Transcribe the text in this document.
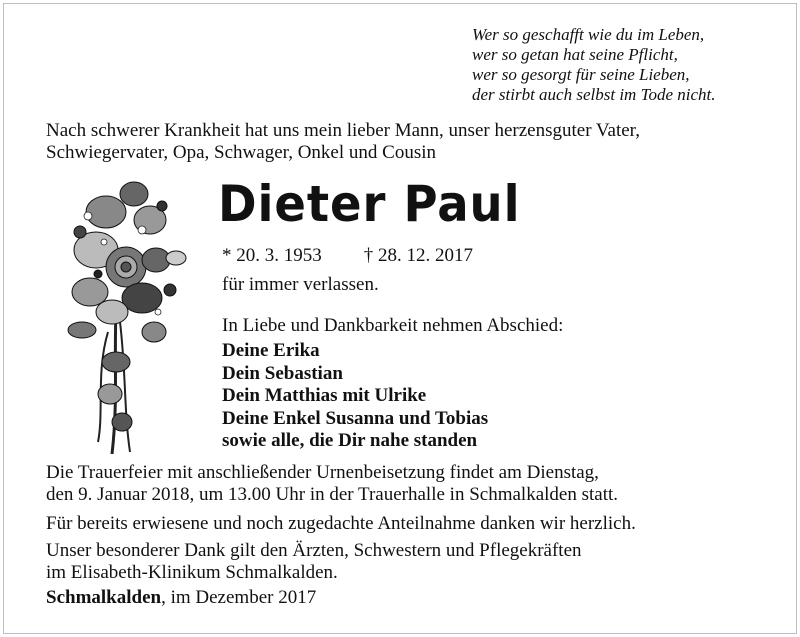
Wer so geschafft wie du im Leben,
wer so getan hat seine Pflicht,
wer so gesorgt für seine Lieben,
der stirbt auch selbst im Tode nicht.
Nach schwerer Krankheit hat uns mein lieber Mann, unser herzensguter Vater,
Schwiegervater, Opa, Schwager, Onkel und Cousin
Dieter Paul
* 20. 3. 1953 † 28. 12. 2017
für immer verlassen.
In Liebe und Dankbarkeit nehmen Abschied:
Deine Erika
Dein Sebastian
Dein Matthias mit Ulrike
Deine Enkel Susanna und Tobias
sowie alle, die Dir nahe standen
Die Trauerfeier mit anschließender Urnenbeisetzung findet am Dienstag,
den 9. Januar 2018, um 13.00 Uhr in der Trauerhalle in Schmalkalden statt.
Für bereits erwiesene und noch zugedachte Anteilnahme danken wir herzlich.
Unser besonderer Dank gilt den Ärzten, Schwestern und Pflegekräften
im Elisabeth-Klinikum Schmalkalden.
Schmalkalden, im Dezember 2017
